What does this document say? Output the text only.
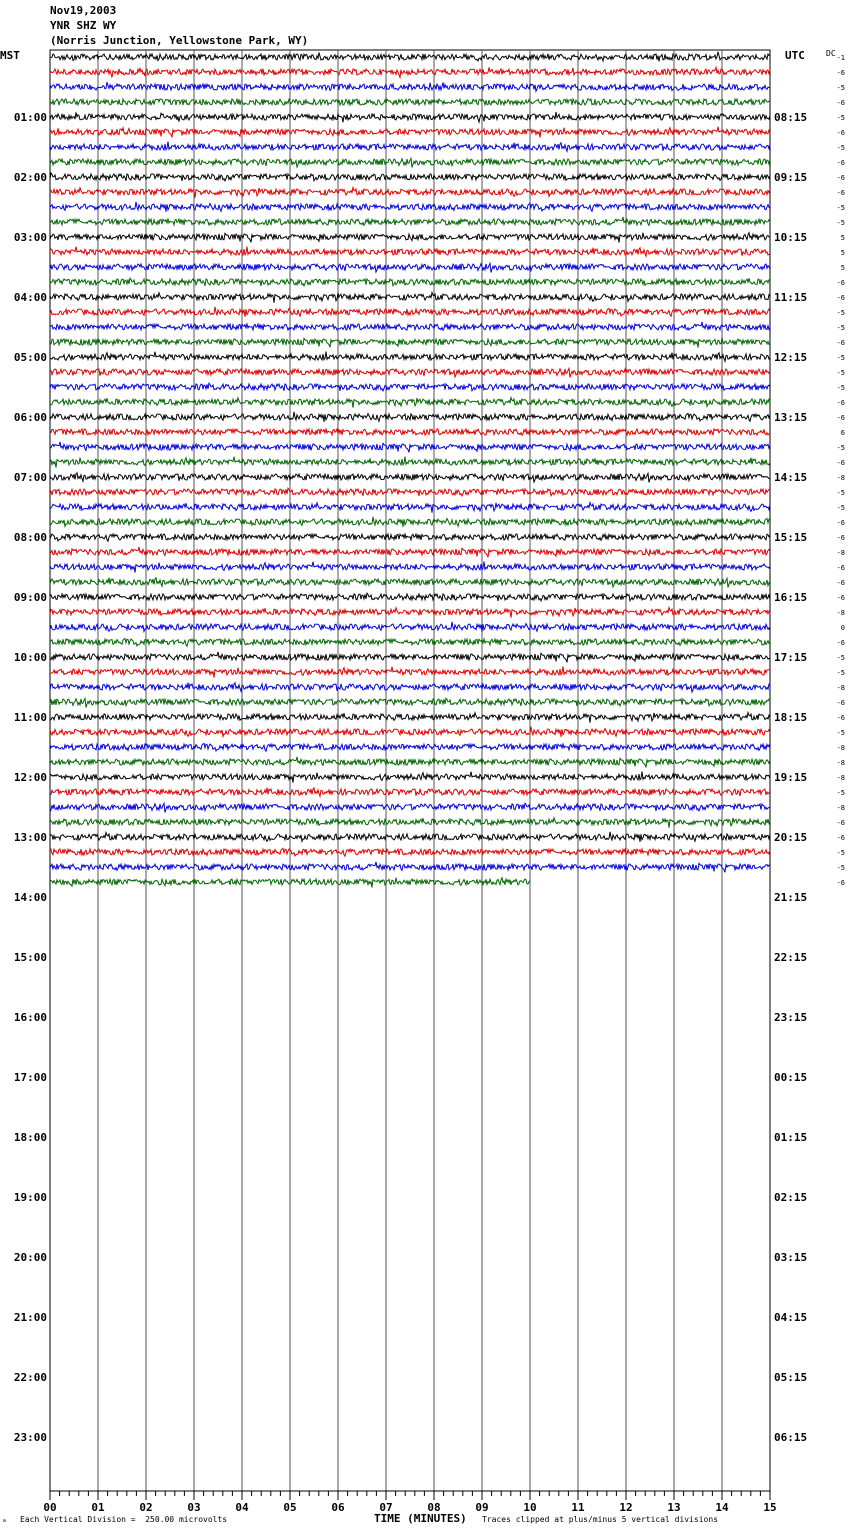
Nov19,2003
YNR SHZ WY
(Norris Junction, Yellowstone Park, WY)
MST	UTC	DC
00	01	02	03	04	05	06	07	08	09	10	11	12	13	14	15
01:00
02:00
03:00
04:00
05:00
06:00
07:00
08:00
09:00
10:00
11:00
12:00
13:00
14:00
15:00
16:00
17:00
18:00
19:00
20:00
21:00
22:00
23:00
08:15
09:15
10:15
11:15
12:15
13:15
14:15
15:15
16:15
17:15
18:15
19:15
20:15
21:15
22:15
23:15
00:15
01:15
02:15
03:15
04:15
05:15
06:15
-1
-6
-5
-6
-5
-6
-5
-6
-6
-6
-5
-5
5
5
5
-6
-6
-5
-5
-6
-5
-5
-5
-6
-6
6
-5
-6
-8
-5
-5
-6
-6
-8
-6
-6
-6
-8
0
-6
-5
-5
-8
-6
-6
-5
-8
-8
-8
-5
-8
-6
-6
-5
-5
-6
ₘ Each Vertical Division =  250.00 microvolts	TIME (MINUTES) Traces clipped at plus/minus 5 vertical divisions
